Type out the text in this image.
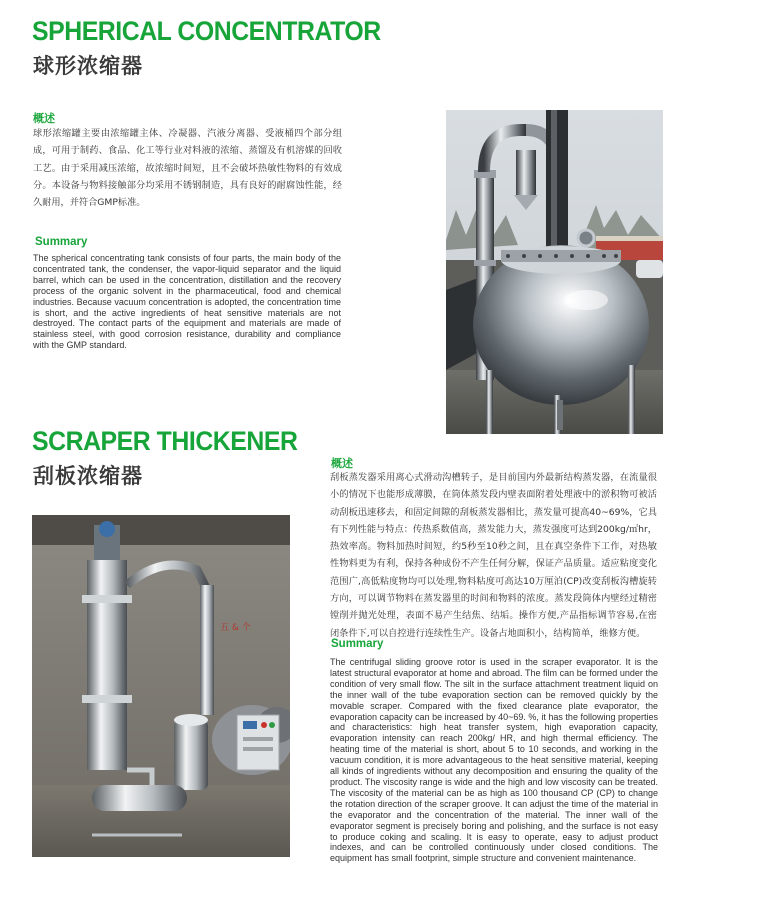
SPHERICAL CONCENTRATOR
球形浓缩器
概述
球形浓缩罐主要由浓缩罐主体、冷凝器、汽液分离器、受液桶四个部分组成，可用于制药、食品、化工等行业对料液的浓缩、蒸馏及有机溶媒的回收工艺。由于采用减压浓缩，故浓缩时间短，且不会破坏热敏性物料的有效成分。本设备与物料接触部分均采用不锈钢制造，具有良好的耐腐蚀性能，经久耐用，并符合GMP标准。
Summary
The spherical concentrating tank consists of four parts, the main body of the concentrated tank, the condenser, the vapor-liquid separator and the liquid barrel, which can be used in the concentration, distillation and the recovery process of the organic solvent in the pharmaceutical, food and chemical industries. Because vacuum concentration is adopted, the concentration time is short, and the active ingredients of heat sensitive materials are not destroyed. The contact parts of the equipment and materials are made of stainless steel, with good corrosion resistance, durability and compliance with the GMP standard.
SCRAPER THICKENER
刮板浓缩器
概述
刮板蒸发器采用离心式滑动沟槽转子，是目前国内外最新结构蒸发器，在流量很小的情况下也能形成薄膜，在筒体蒸发段内壁表面附着处理液中的淤积物可被活动刮板迅速移去，和固定间隙的刮板蒸发器相比，蒸发量可提高40~69%，它具有下列性能与特点：传热系数值高，蒸发能力大，蒸发强度可达到200kg/㎡hr，热效率高。物料加热时间短，约5秒至10秒之间，且在真空条件下工作，对热敏性物料更为有利，保持各种成份不产生任何分解，保证产品质量。适应粘度变化范围广,高低粘度物均可以处理,物料粘度可高达10万厘泊(CP)改变刮板沟槽旋转方向，可以调节物料在蒸发器里的时间和物料的浓度。蒸发段筒体内壁经过精密镗削并抛光处理，表面不易产生结焦、结垢。操作方便,产品指标调节容易,在密闭条件下,可以自控进行连续性生产。设备占地面积小，结构简单，维修方便。
Summary
The centrifugal sliding groove rotor is used in the scraper evaporator. It is the latest structural evaporator at home and abroad. The film can be formed under the condition of very small flow. The silt in the surface attachment treatment liquid on the inner wall of the tube evaporation section can be removed quickly by the movable scraper. Compared with the fixed clearance plate evaporator, the evaporation capacity can be increased by 40~69. %, it has the following properties and characteristics: high heat transfer system, high evaporation capacity, evaporation intensity can reach 200kg/ HR, and high thermal efficiency. The heating time of the material is short, about 5 to 10 seconds, and working in the vacuum condition, it is more advantageous to the heat sensitive material, keeping all kinds of ingredients without any decomposition and ensuring the quality of the product. The viscosity range is wide and the high and low viscosity can be treated. The viscosity of the material can be as high as 100 thousand CP (CP) to change the rotation direction of the scraper groove. It can adjust the time of the material in the evaporator and the concentration of the material. The inner wall of the evaporator segment is precisely boring and polishing, and the surface is not easy to produce coking and scaling. It is easy to operate, easy to adjust product indexes, and can be controlled continuously under closed conditions. The equipment has small footprint, simple structure and convenient maintenance.
五 & 个
